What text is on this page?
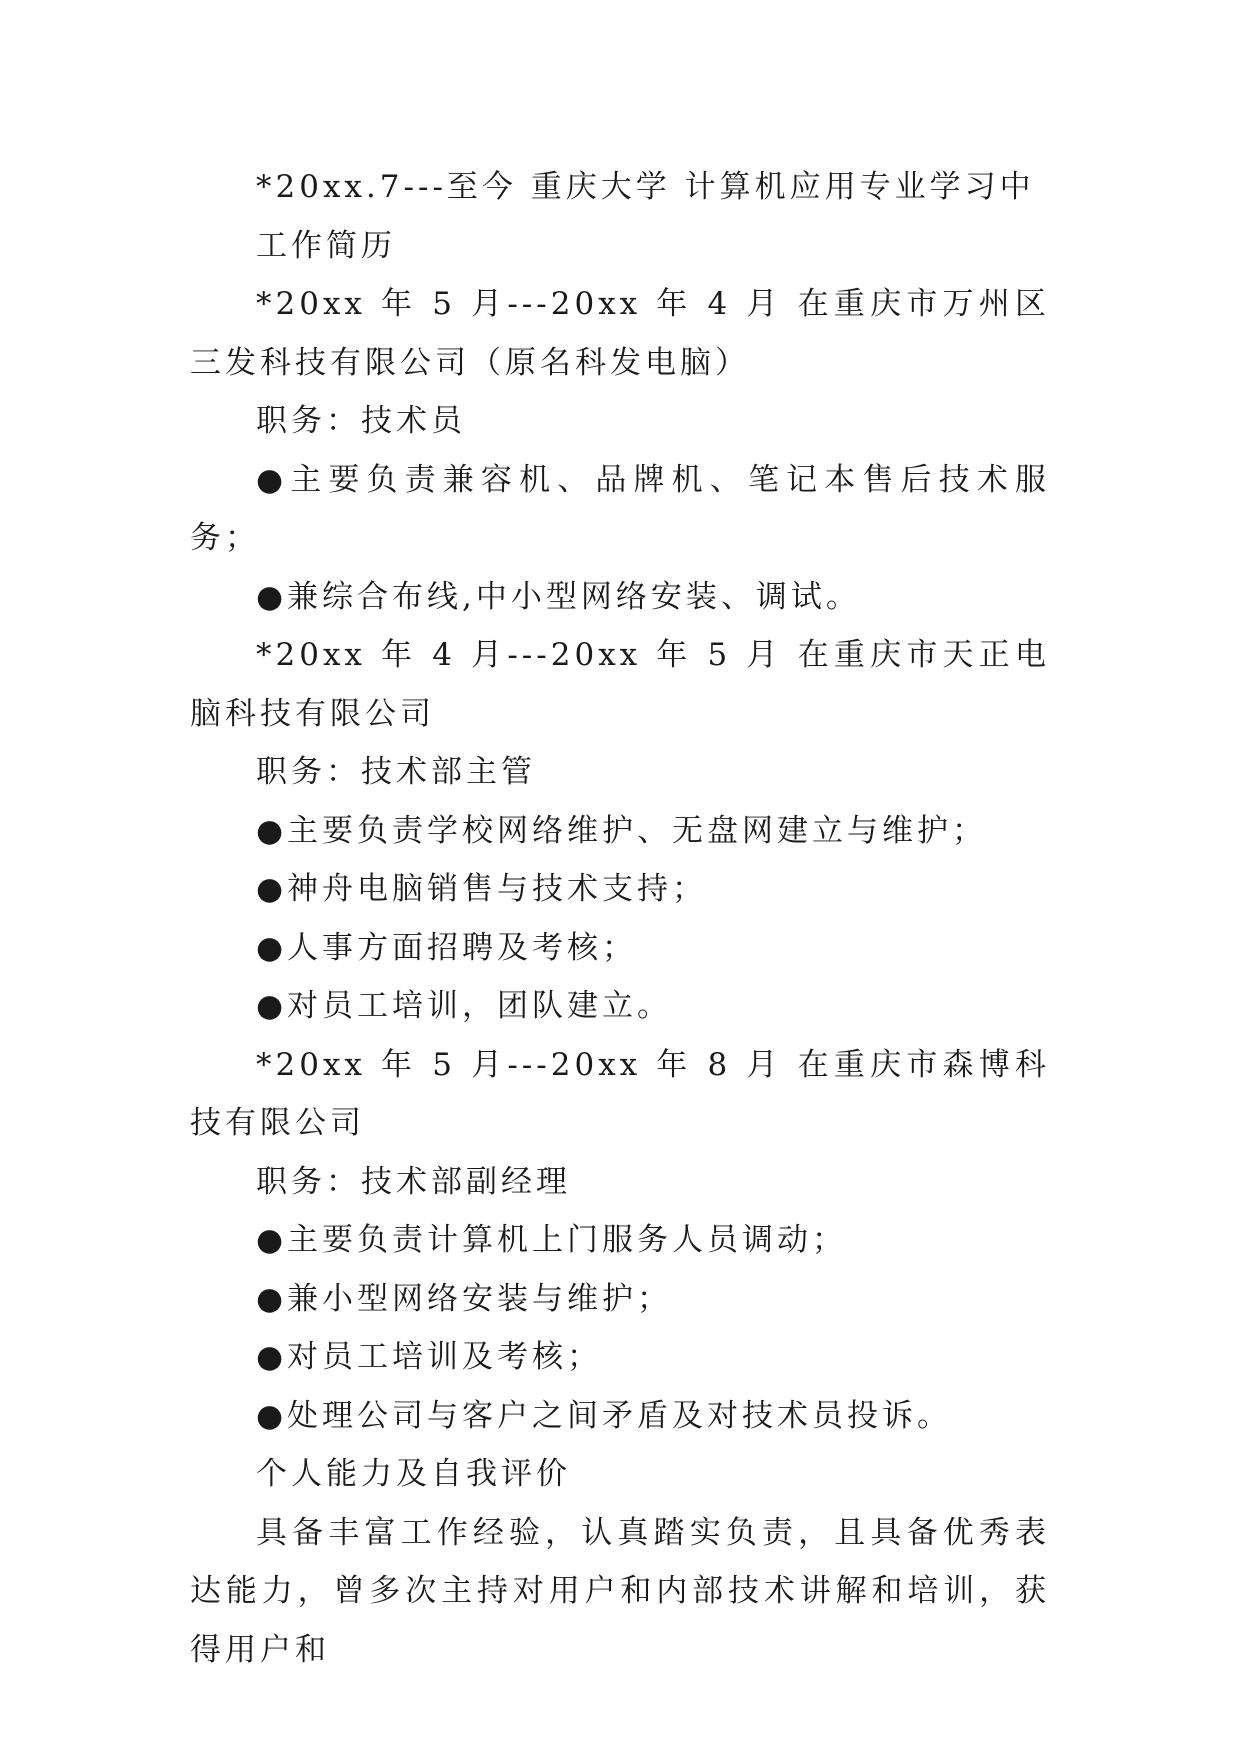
*20xx.7---至今 重庆大学 计算机应用专业学习中

工作简历

*20xx 年 5 月---20xx 年 4 月 在重庆市万州区三发科技有限公司（原名科发电脑）

职务：技术员

●主要负责兼容机、品牌机、笔记本售后技术服务；

●兼综合布线,中小型网络安装、调试。

*20xx 年 4 月---20xx 年 5 月 在重庆市天正电脑科技有限公司

职务：技术部主管

●主要负责学校网络维护、无盘网建立与维护；

●神舟电脑销售与技术支持；

●人事方面招聘及考核；

●对员工培训，团队建立。

*20xx 年 5 月---20xx 年 8 月 在重庆市森博科技有限公司

职务：技术部副经理

●主要负责计算机上门服务人员调动；

●兼小型网络安装与维护；

●对员工培训及考核；

●处理公司与客户之间矛盾及对技术员投诉。

个人能力及自我评价

具备丰富工作经验，认真踏实负责，且具备优秀表达能力，曾多次主持对用户和内部技术讲解和培训，获得用户和
